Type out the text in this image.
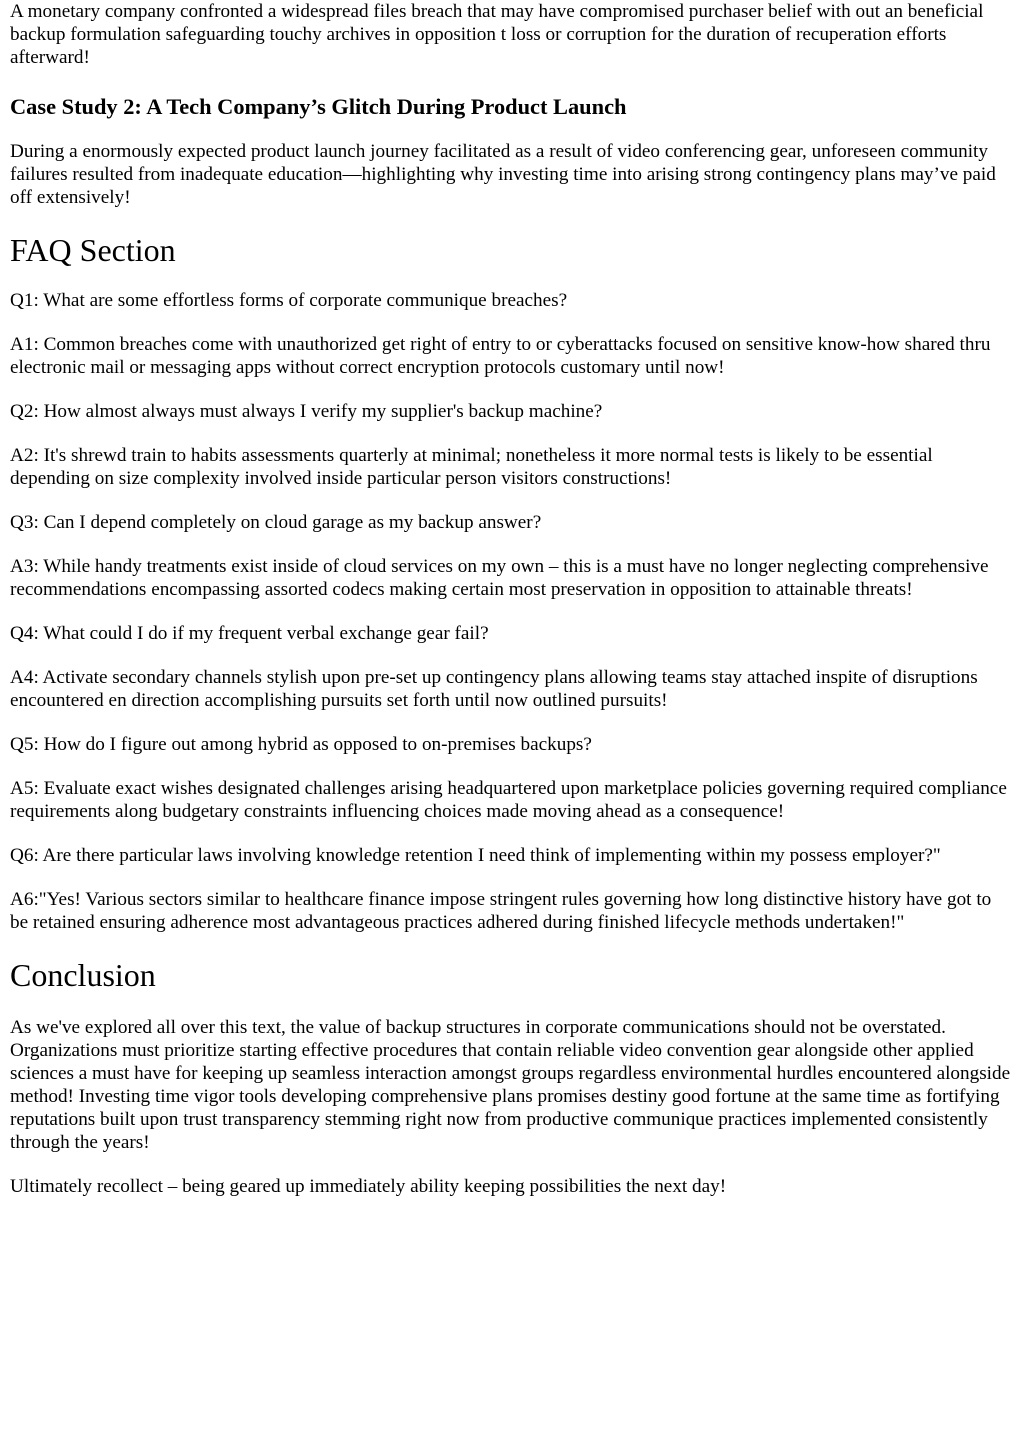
A monetary company confronted a widespread files breach that may have compromised purchaser belief with out an beneficial backup formulation safeguarding touchy archives in opposition t loss or corruption for the duration of recuperation efforts afterward!

Case Study 2: A Tech Company’s Glitch During Product Launch

During a enormously expected product launch journey facilitated as a result of video conferencing gear, unforeseen community failures resulted from inadequate education—highlighting why investing time into arising strong contingency plans may’ve paid off extensively!

FAQ Section

Q1: What are some effortless forms of corporate communique breaches?

A1: Common breaches come with unauthorized get right of entry to or cyberattacks focused on sensitive know-how shared thru electronic mail or messaging apps without correct encryption protocols customary until now!

Q2: How almost always must always I verify my supplier's backup machine?

A2: It's shrewd train to habits assessments quarterly at minimal; nonetheless it more normal tests is likely to be essential depending on size complexity involved inside particular person visitors constructions!

Q3: Can I depend completely on cloud garage as my backup answer?

A3: While handy treatments exist inside of cloud services on my own – this is a must have no longer neglecting comprehensive recommendations encompassing assorted codecs making certain most preservation in opposition to attainable threats!

Q4: What could I do if my frequent verbal exchange gear fail?

A4: Activate secondary channels stylish upon pre-set up contingency plans allowing teams stay attached inspite of disruptions encountered en direction accomplishing pursuits set forth until now outlined pursuits!

Q5: How do I figure out among hybrid as opposed to on-premises backups?

A5: Evaluate exact wishes designated challenges arising headquartered upon marketplace policies governing required compliance requirements along budgetary constraints influencing choices made moving ahead as a consequence!

Q6: Are there particular laws involving knowledge retention I need think of implementing within my possess employer?"

A6:"Yes! Various sectors similar to healthcare finance impose stringent rules governing how long distinctive history have got to be retained ensuring adherence most advantageous practices adhered during finished lifecycle methods undertaken!"

Conclusion

As we've explored all over this text, the value of backup structures in corporate communications should not be overstated. Organizations must prioritize starting effective procedures that contain reliable video convention gear alongside other applied sciences a must have for keeping up seamless interaction amongst groups regardless environmental hurdles encountered alongside method! Investing time vigor tools developing comprehensive plans promises destiny good fortune at the same time as fortifying reputations built upon trust transparency stemming right now from productive communique practices implemented consistently through the years!

Ultimately recollect – being geared up immediately ability keeping possibilities the next day!
